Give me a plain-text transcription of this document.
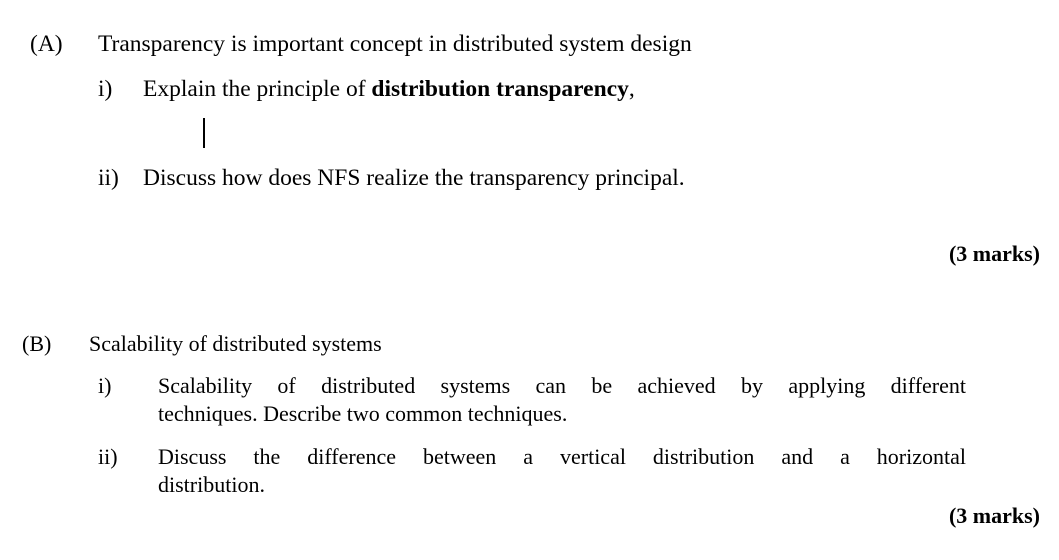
(A) Transparency is important concept in distributed system design
i) Explain the principle of distribution transparency,
ii) Discuss how does NFS realize the transparency principal.
(3 marks)
(B) Scalability of distributed systems
i) Scalability of distributed systems can be achieved by applying different
techniques. Describe two common techniques.
ii) Discuss the difference between a vertical distribution and a horizontal
distribution.
(3 marks)
